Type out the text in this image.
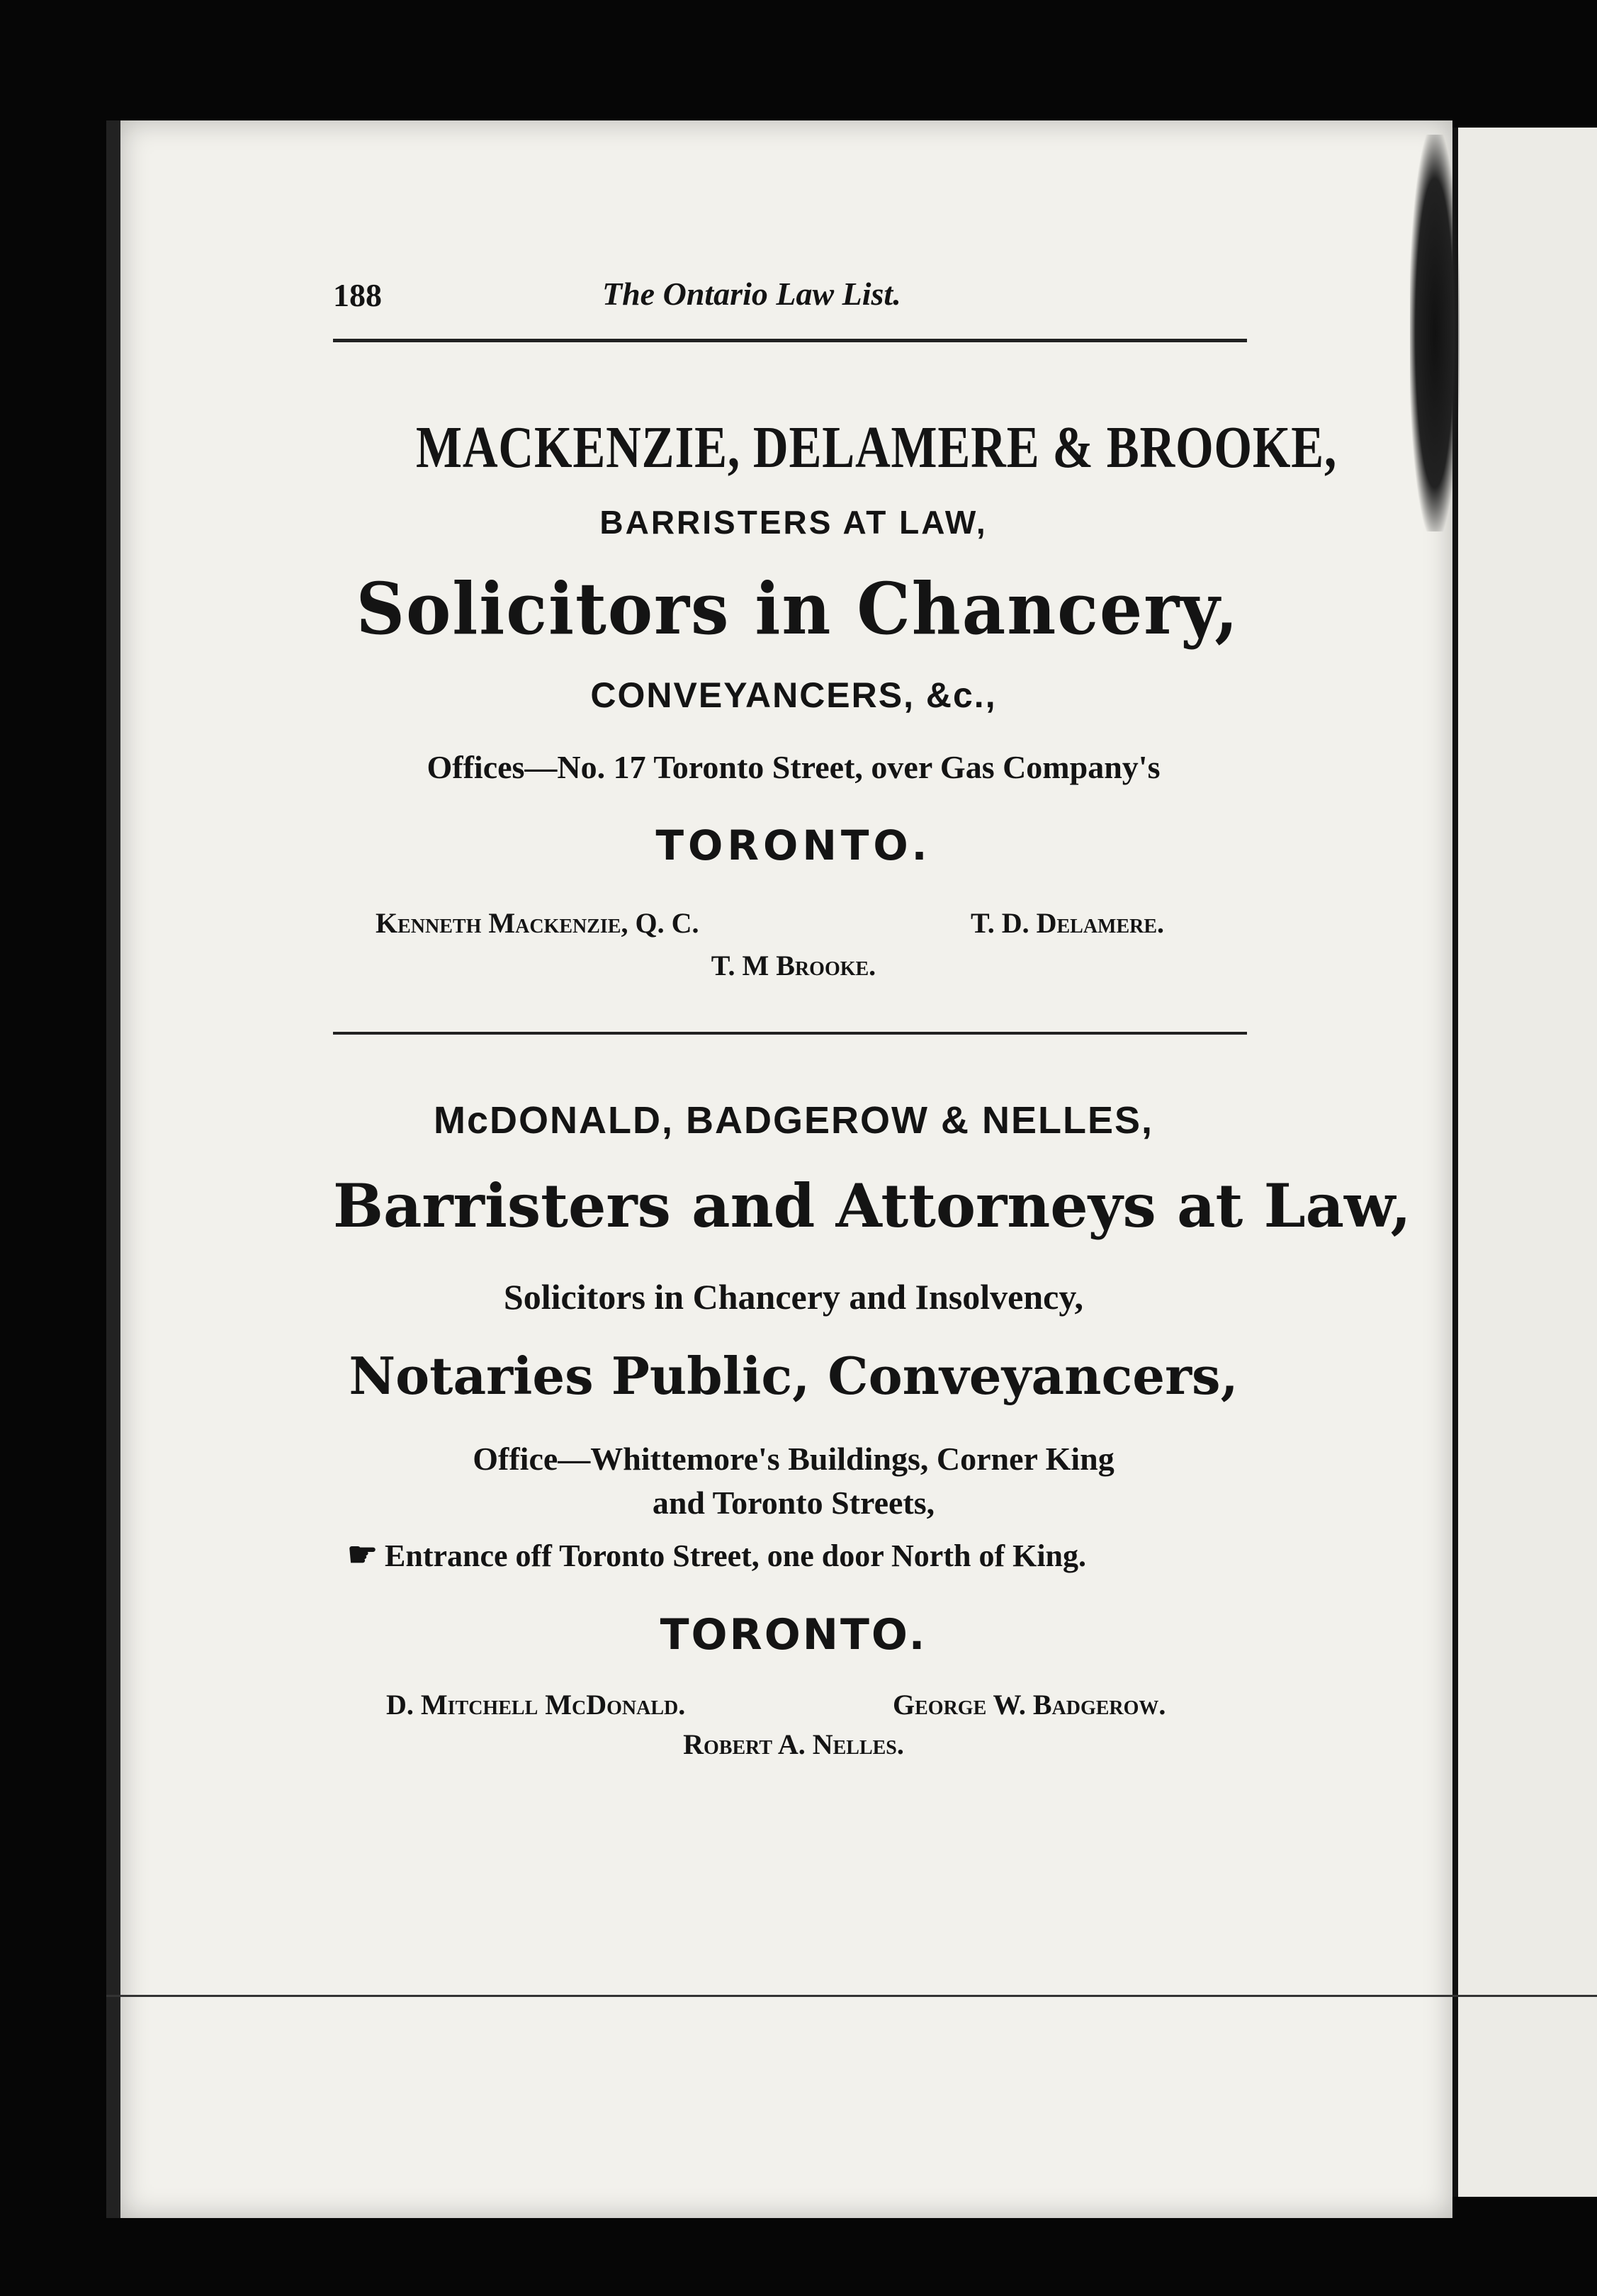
188	The Ontario Law List.
MACKENZIE, DELAMERE & BROOKE,
BARRISTERS AT LAW,
Solicitors in Chancery,
CONVEYANCERS, &c.,
Offices—No. 17 Toronto Street, over Gas Company's
TORONTO.
Kenneth Mackenzie, Q. C.	T. D. Delamere.
T. M Brooke.
McDONALD, BADGEROW & NELLES,
Barristers and Attorneys at Law,
Solicitors in Chancery and Insolvency,
Notaries Public, Conveyancers,
Office—Whittemore's Buildings, Corner King
and Toronto Streets,
☛ Entrance off Toronto Street, one door North of King.
TORONTO.
D. Mitchell McDonald.	George W. Badgerow.
Robert A. Nelles.
